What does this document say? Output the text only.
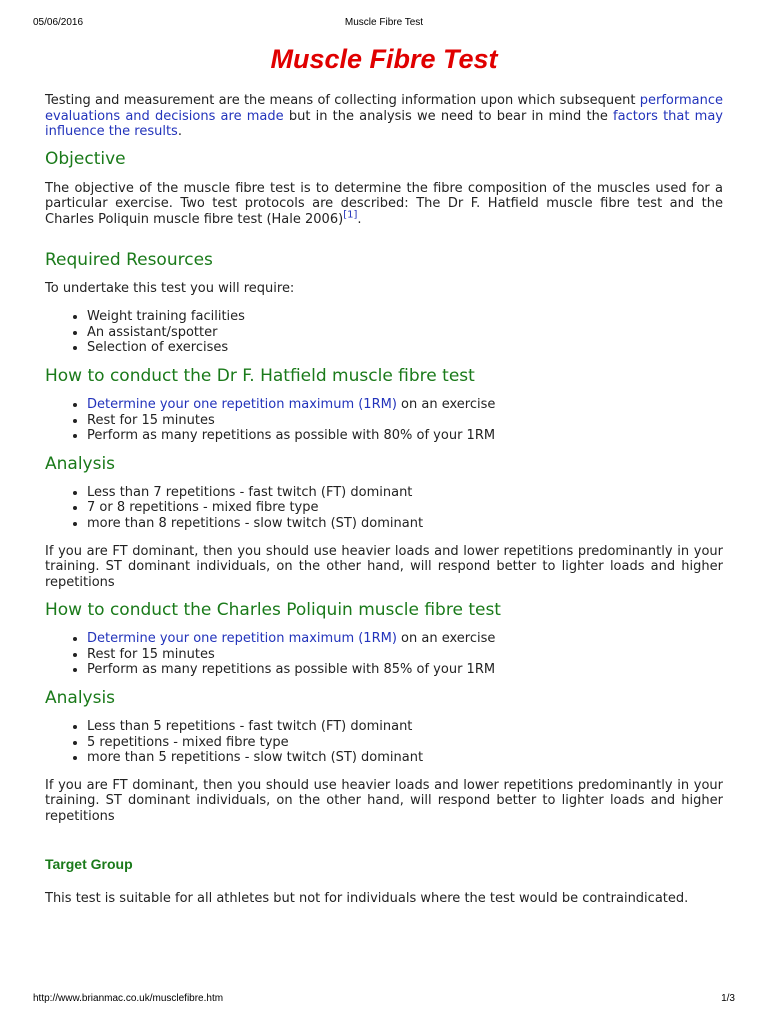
05/06/2016	Muscle Fibre Test
Muscle Fibre Test

Testing and measurement are the means of collecting information upon which subsequent performance evaluations and decisions are made but in the analysis we need to bear in mind the factors that may influence the results.

Objective

The objective of the muscle fibre test is to determine the fibre composition of the muscles used for a particular exercise. Two test protocols are described: The Dr F. Hatfield muscle fibre test and the Charles Poliquin muscle fibre test (Hale 2006)[1].

Required Resources

To undertake this test you will require:

• Weight training facilities
• An assistant/spotter
• Selection of exercises
How to conduct the Dr F. Hatfield muscle fibre test
• Determine your one repetition maximum (1RM) on an exercise
• Rest for 15 minutes
• Perform as many repetitions as possible with 80% of your 1RM
Analysis
• Less than 7 repetitions - fast twitch (FT) dominant
• 7 or 8 repetitions - mixed fibre type
• more than 8 repetitions - slow twitch (ST) dominant

If you are FT dominant, then you should use heavier loads and lower repetitions predominantly in your training. ST dominant individuals, on the other hand, will respond better to lighter loads and higher repetitions

How to conduct the Charles Poliquin muscle fibre test
• Determine your one repetition maximum (1RM) on an exercise
• Rest for 15 minutes
• Perform as many repetitions as possible with 85% of your 1RM
Analysis
• Less than 5 repetitions - fast twitch (FT) dominant
• 5 repetitions - mixed fibre type
• more than 5 repetitions - slow twitch (ST) dominant

If you are FT dominant, then you should use heavier loads and lower repetitions predominantly in your training. ST dominant individuals, on the other hand, will respond better to lighter loads and higher repetitions

Target Group

This test is suitable for all athletes but not for individuals where the test would be contraindicated.

http://www.brianmac.co.uk/musclefibre.htm	1/3
